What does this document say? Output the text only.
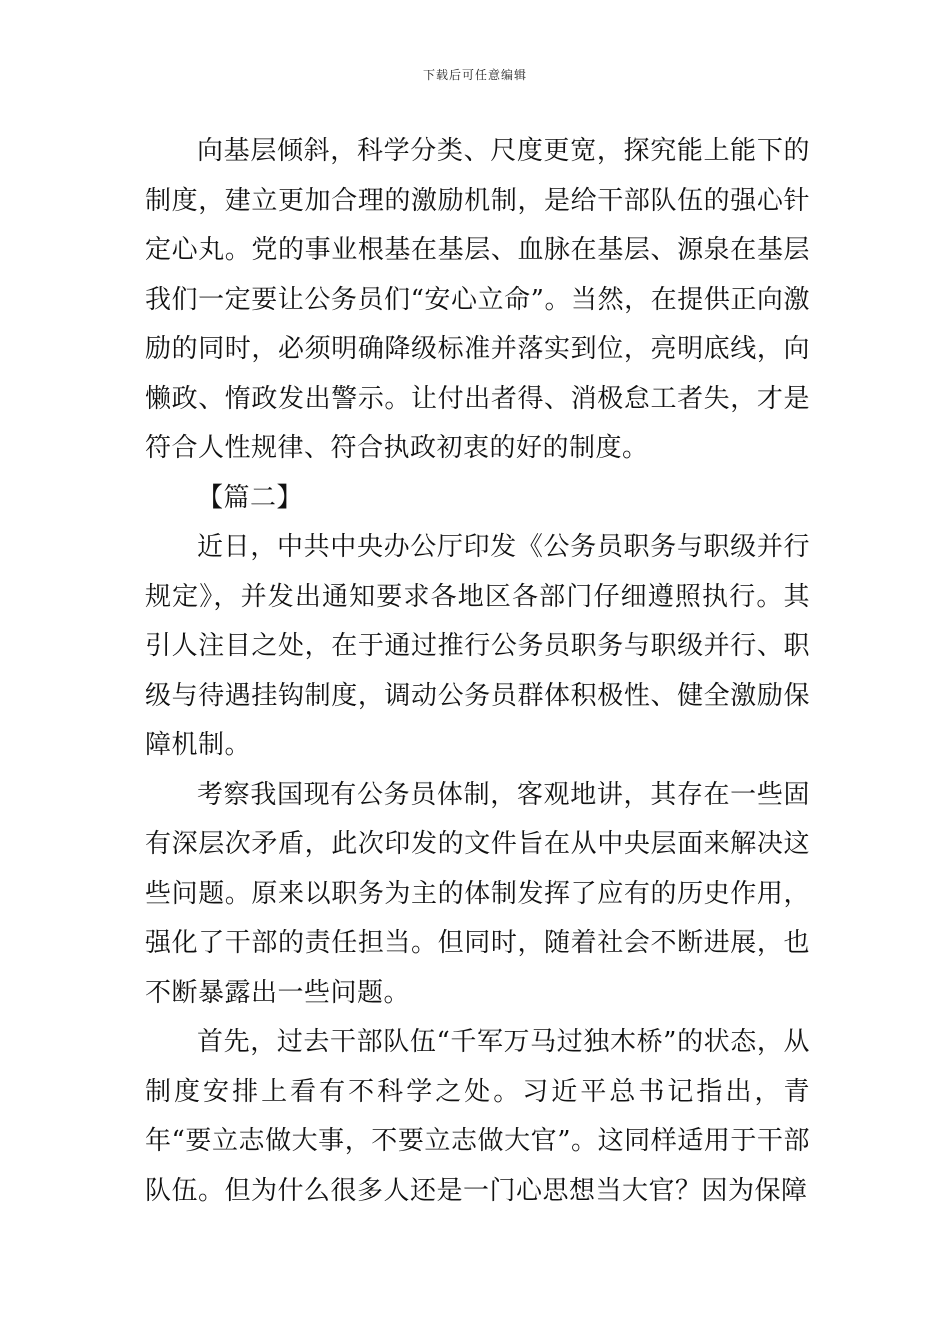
下载后可任意编辑

向基层倾斜，科学分类、尺度更宽，探究能上能下的制度，建立更加合理的激励机制，是给干部队伍的强心针定心丸。党的事业根基在基层、血脉在基层、源泉在基层我们一定要让公务员们“安心立命”。当然，在提供正向激励的同时，必须明确降级标准并落实到位，亮明底线，向懒政、惰政发出警示。让付出者得、消极怠工者失，才是符合人性规律、符合执政初衷的好的制度。

【篇二】

近日，中共中央办公厅印发《公务员职务与职级并行规定》，并发出通知要求各地区各部门仔细遵照执行。其引人注目之处，在于通过推行公务员职务与职级并行、职级与待遇挂钩制度，调动公务员群体积极性、健全激励保障机制。

考察我国现有公务员体制，客观地讲，其存在一些固有深层次矛盾，此次印发的文件旨在从中央层面来解决这些问题。原来以职务为主的体制发挥了应有的历史作用，强化了干部的责任担当。但同时，随着社会不断进展，也不断暴露出一些问题。

首先，过去干部队伍“千军万马过独木桥”的状态，从制度安排上看有不科学之处。习近平总书记指出，青年“要立志做大事，不要立志做大官”。这同样适用于干部队伍。但为什么很多人还是一门心思想当大官？因为保障
